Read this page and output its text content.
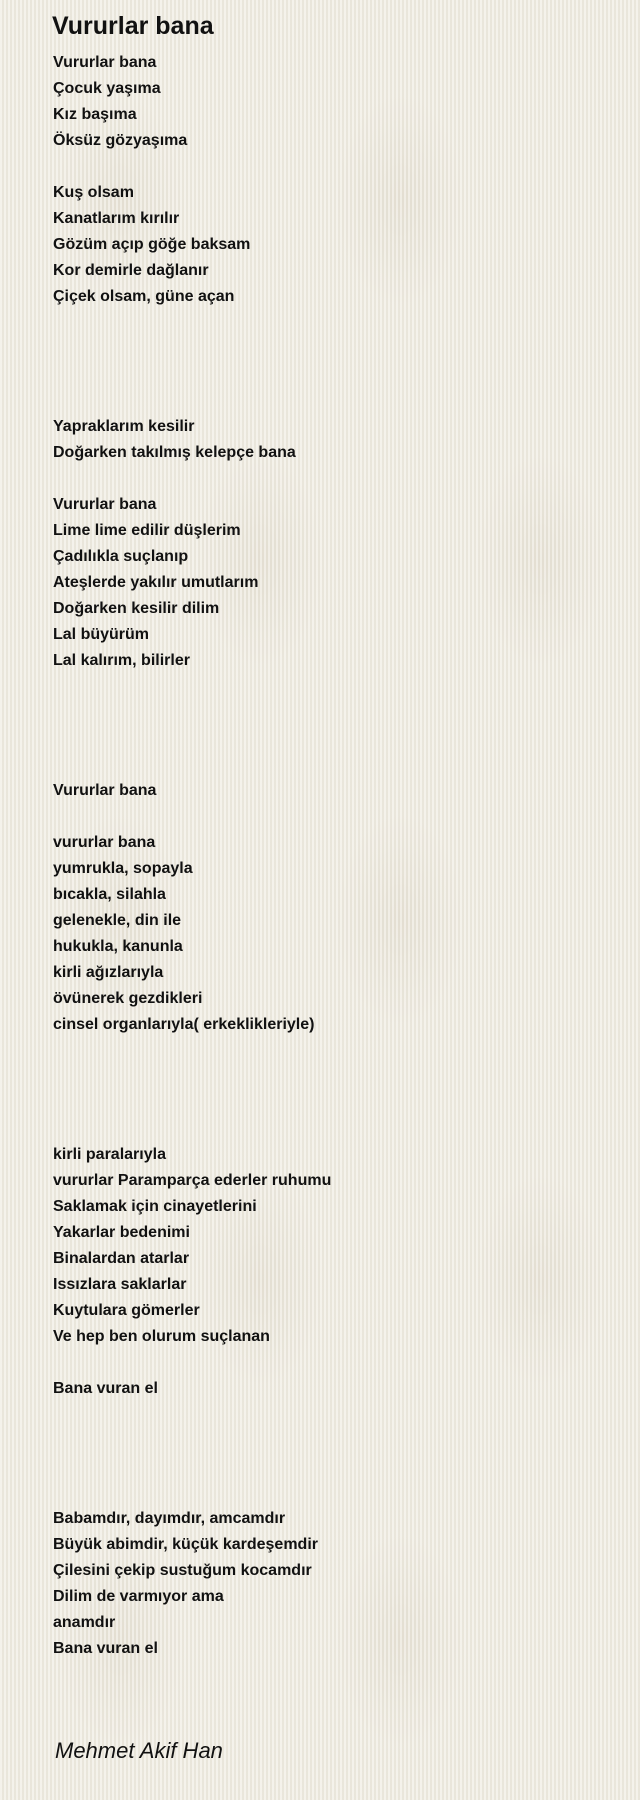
Vururlar bana
Vururlar bana
Çocuk yaşıma
Kız başıma
Öksüz gözyaşıma
Kuş olsam
Kanatlarım kırılır
Gözüm açıp göğe baksam
Kor demirle dağlanır
Çiçek olsam, güne açan
Yapraklarım kesilir
Doğarken takılmış kelepçe bana
Vururlar bana
Lime lime edilir düşlerim
Çadılıkla suçlanıp
Ateşlerde yakılır umutlarım
Doğarken kesilir dilim
Lal büyürüm
Lal kalırım, bilirler
Vururlar bana
vururlar bana
yumrukla, sopayla
bıcakla, silahla
gelenekle, din ile
hukukla, kanunla
kirli ağızlarıyla
övünerek gezdikleri
cinsel organlarıyla( erkeklikleriyle)
kirli paralarıyla
vururlar Paramparça ederler ruhumu
Saklamak için cinayetlerini
Yakarlar bedenimi
Binalardan atarlar
Issızlara saklarlar
Kuytulara gömerler
Ve hep ben olurum suçlanan
Bana vuran el
Babamdır, dayımdır, amcamdır
Büyük abimdir, küçük kardeşemdir
Çilesini çekip sustuğum kocamdır
Dilim de varmıyor ama
anamdır
Bana vuran el
Mehmet Akif Han
